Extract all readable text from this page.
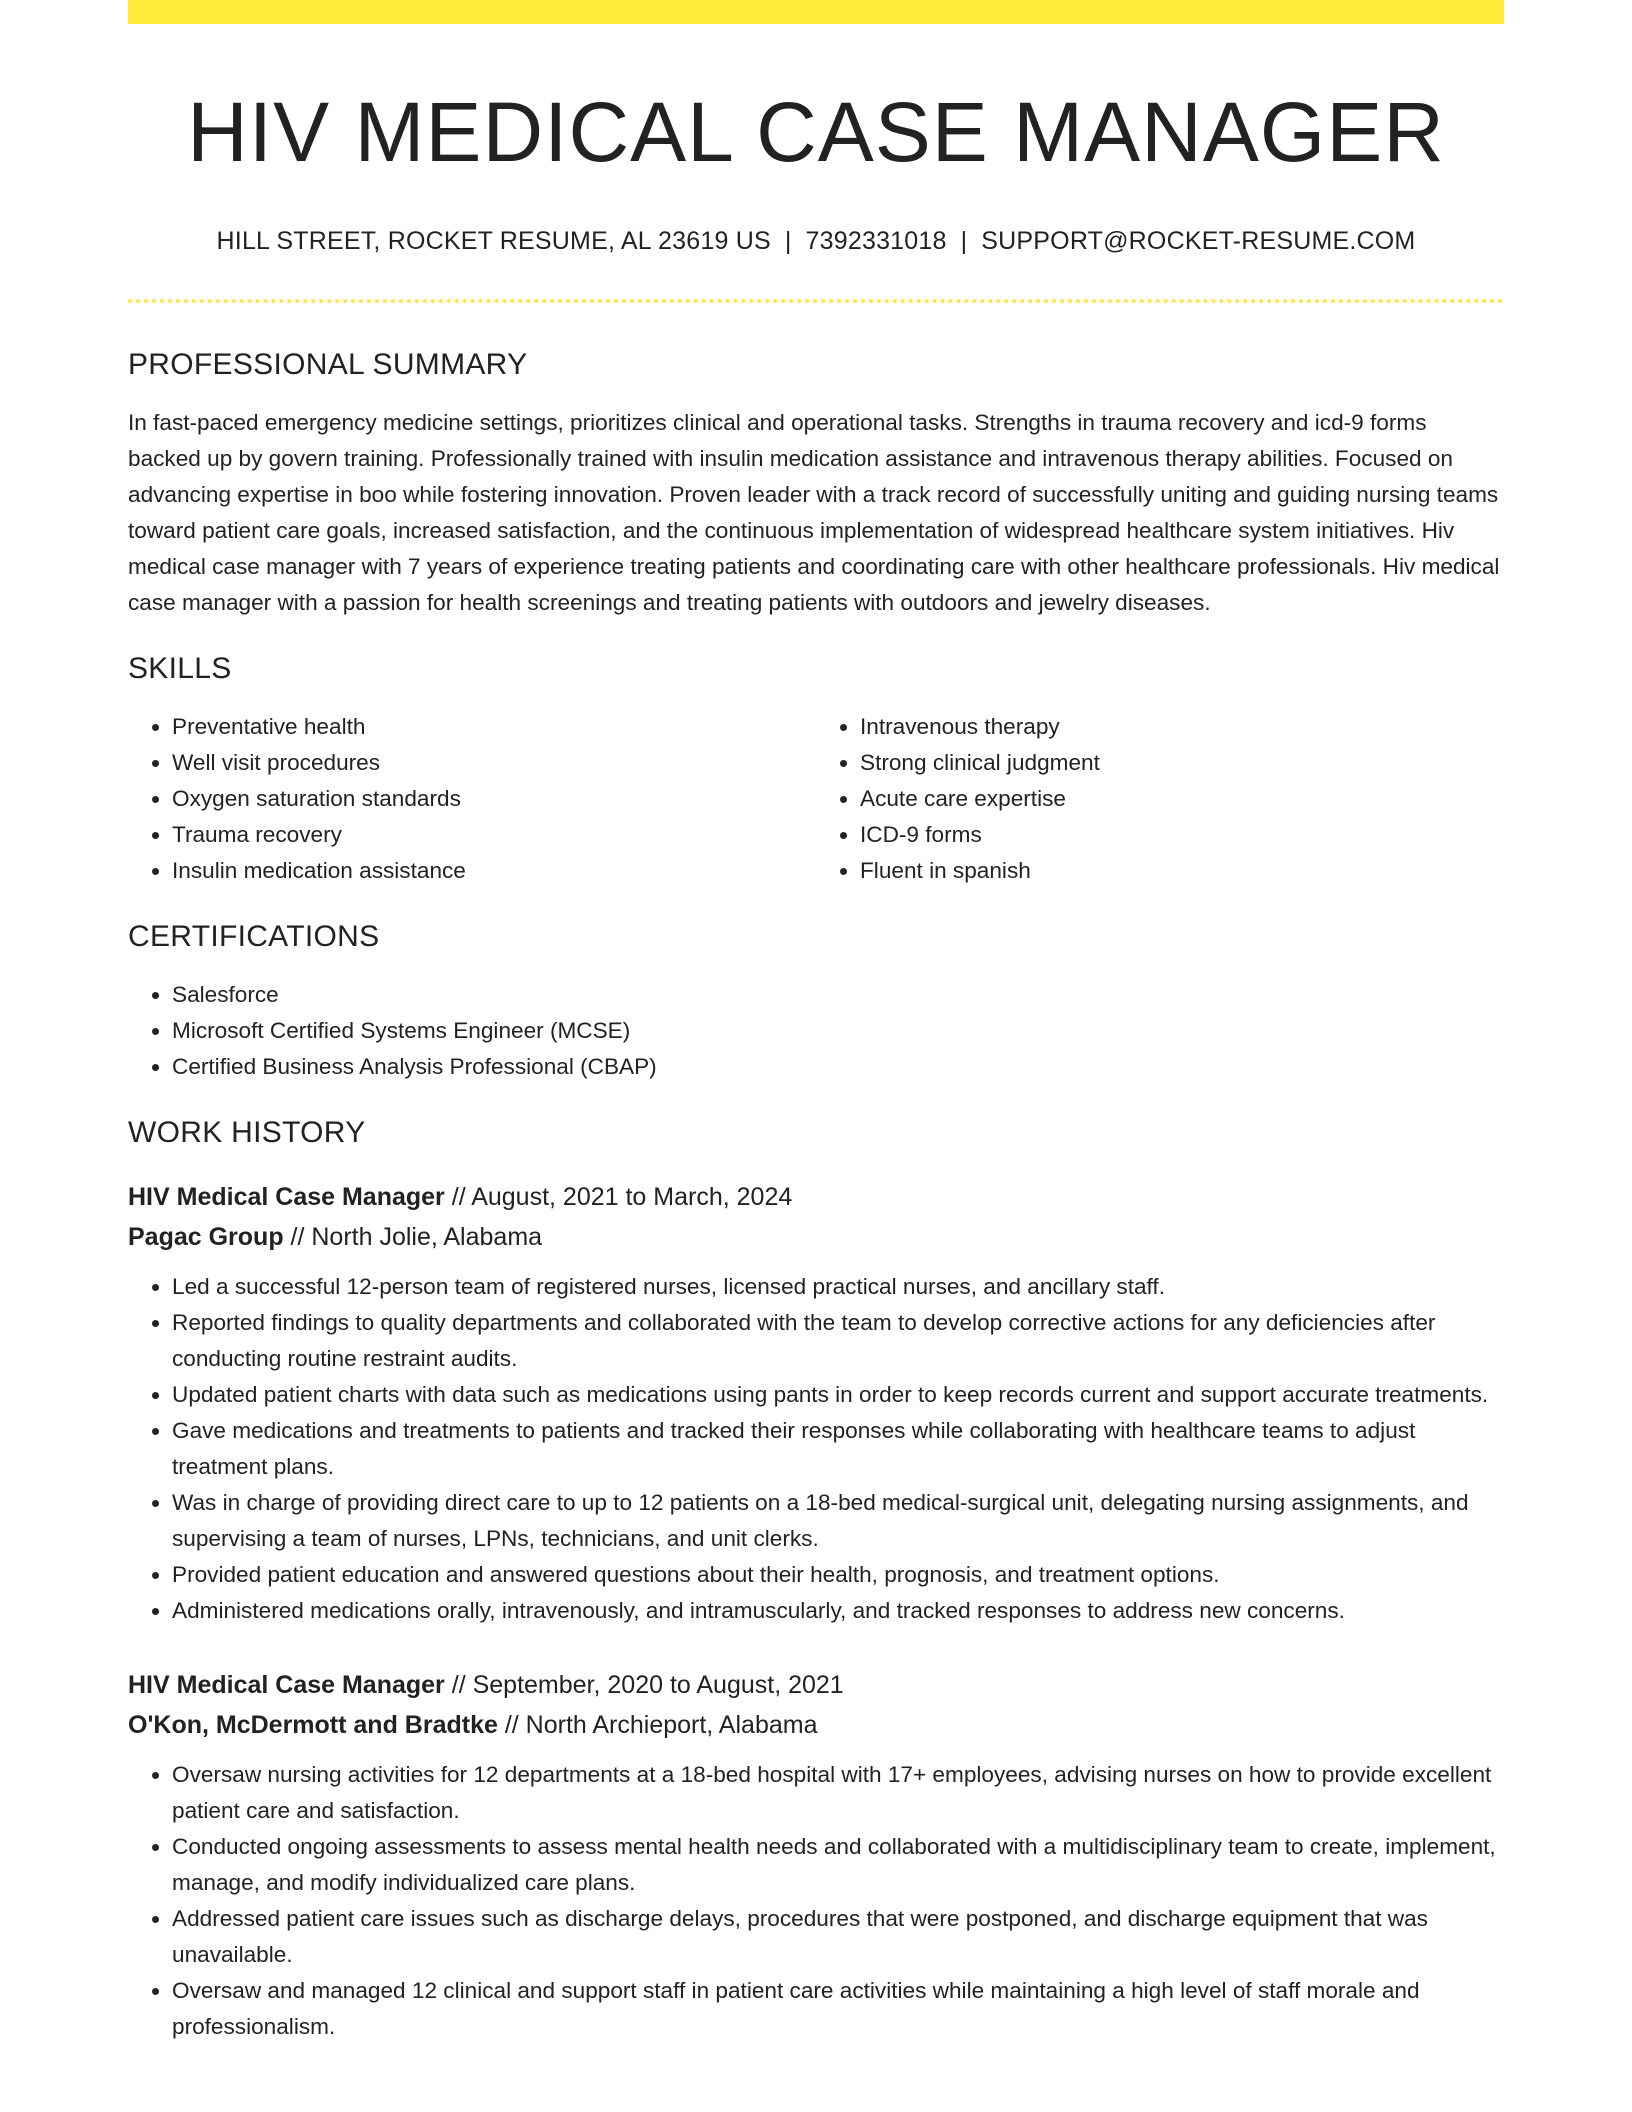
HIV MEDICAL CASE MANAGER
HILL STREET, ROCKET RESUME, AL 23619 US | 7392331018 | SUPPORT@ROCKET-RESUME.COM
PROFESSIONAL SUMMARY
In fast-paced emergency medicine settings, prioritizes clinical and operational tasks. Strengths in trauma recovery and icd-9 forms backed up by govern training. Professionally trained with insulin medication assistance and intravenous therapy abilities. Focused on advancing expertise in boo while fostering innovation. Proven leader with a track record of successfully uniting and guiding nursing teams toward patient care goals, increased satisfaction, and the continuous implementation of widespread healthcare system initiatives. Hiv medical case manager with 7 years of experience treating patients and coordinating care with other healthcare professionals. Hiv medical case manager with a passion for health screenings and treating patients with outdoors and jewelry diseases.
SKILLS
• Preventative health
• Well visit procedures
• Oxygen saturation standards
• Trauma recovery
• Insulin medication assistance
• Intravenous therapy
• Strong clinical judgment
• Acute care expertise
• ICD-9 forms
• Fluent in spanish
CERTIFICATIONS
• Salesforce
• Microsoft Certified Systems Engineer (MCSE)
• Certified Business Analysis Professional (CBAP)
WORK HISTORY
HIV Medical Case Manager // August, 2021 to March, 2024
Pagac Group // North Jolie, Alabama
• Led a successful 12-person team of registered nurses, licensed practical nurses, and ancillary staff.
• Reported findings to quality departments and collaborated with the team to develop corrective actions for any deficiencies after conducting routine restraint audits.
• Updated patient charts with data such as medications using pants in order to keep records current and support accurate treatments.
• Gave medications and treatments to patients and tracked their responses while collaborating with healthcare teams to adjust treatment plans.
• Was in charge of providing direct care to up to 12 patients on a 18-bed medical-surgical unit, delegating nursing assignments, and supervising a team of nurses, LPNs, technicians, and unit clerks.
• Provided patient education and answered questions about their health, prognosis, and treatment options.
• Administered medications orally, intravenously, and intramuscularly, and tracked responses to address new concerns.
HIV Medical Case Manager // September, 2020 to August, 2021
O'Kon, McDermott and Bradtke // North Archieport, Alabama
• Oversaw nursing activities for 12 departments at a 18-bed hospital with 17+ employees, advising nurses on how to provide excellent patient care and satisfaction.
• Conducted ongoing assessments to assess mental health needs and collaborated with a multidisciplinary team to create, implement, manage, and modify individualized care plans.
• Addressed patient care issues such as discharge delays, procedures that were postponed, and discharge equipment that was unavailable.
• Oversaw and managed 12 clinical and support staff in patient care activities while maintaining a high level of staff morale and professionalism.
